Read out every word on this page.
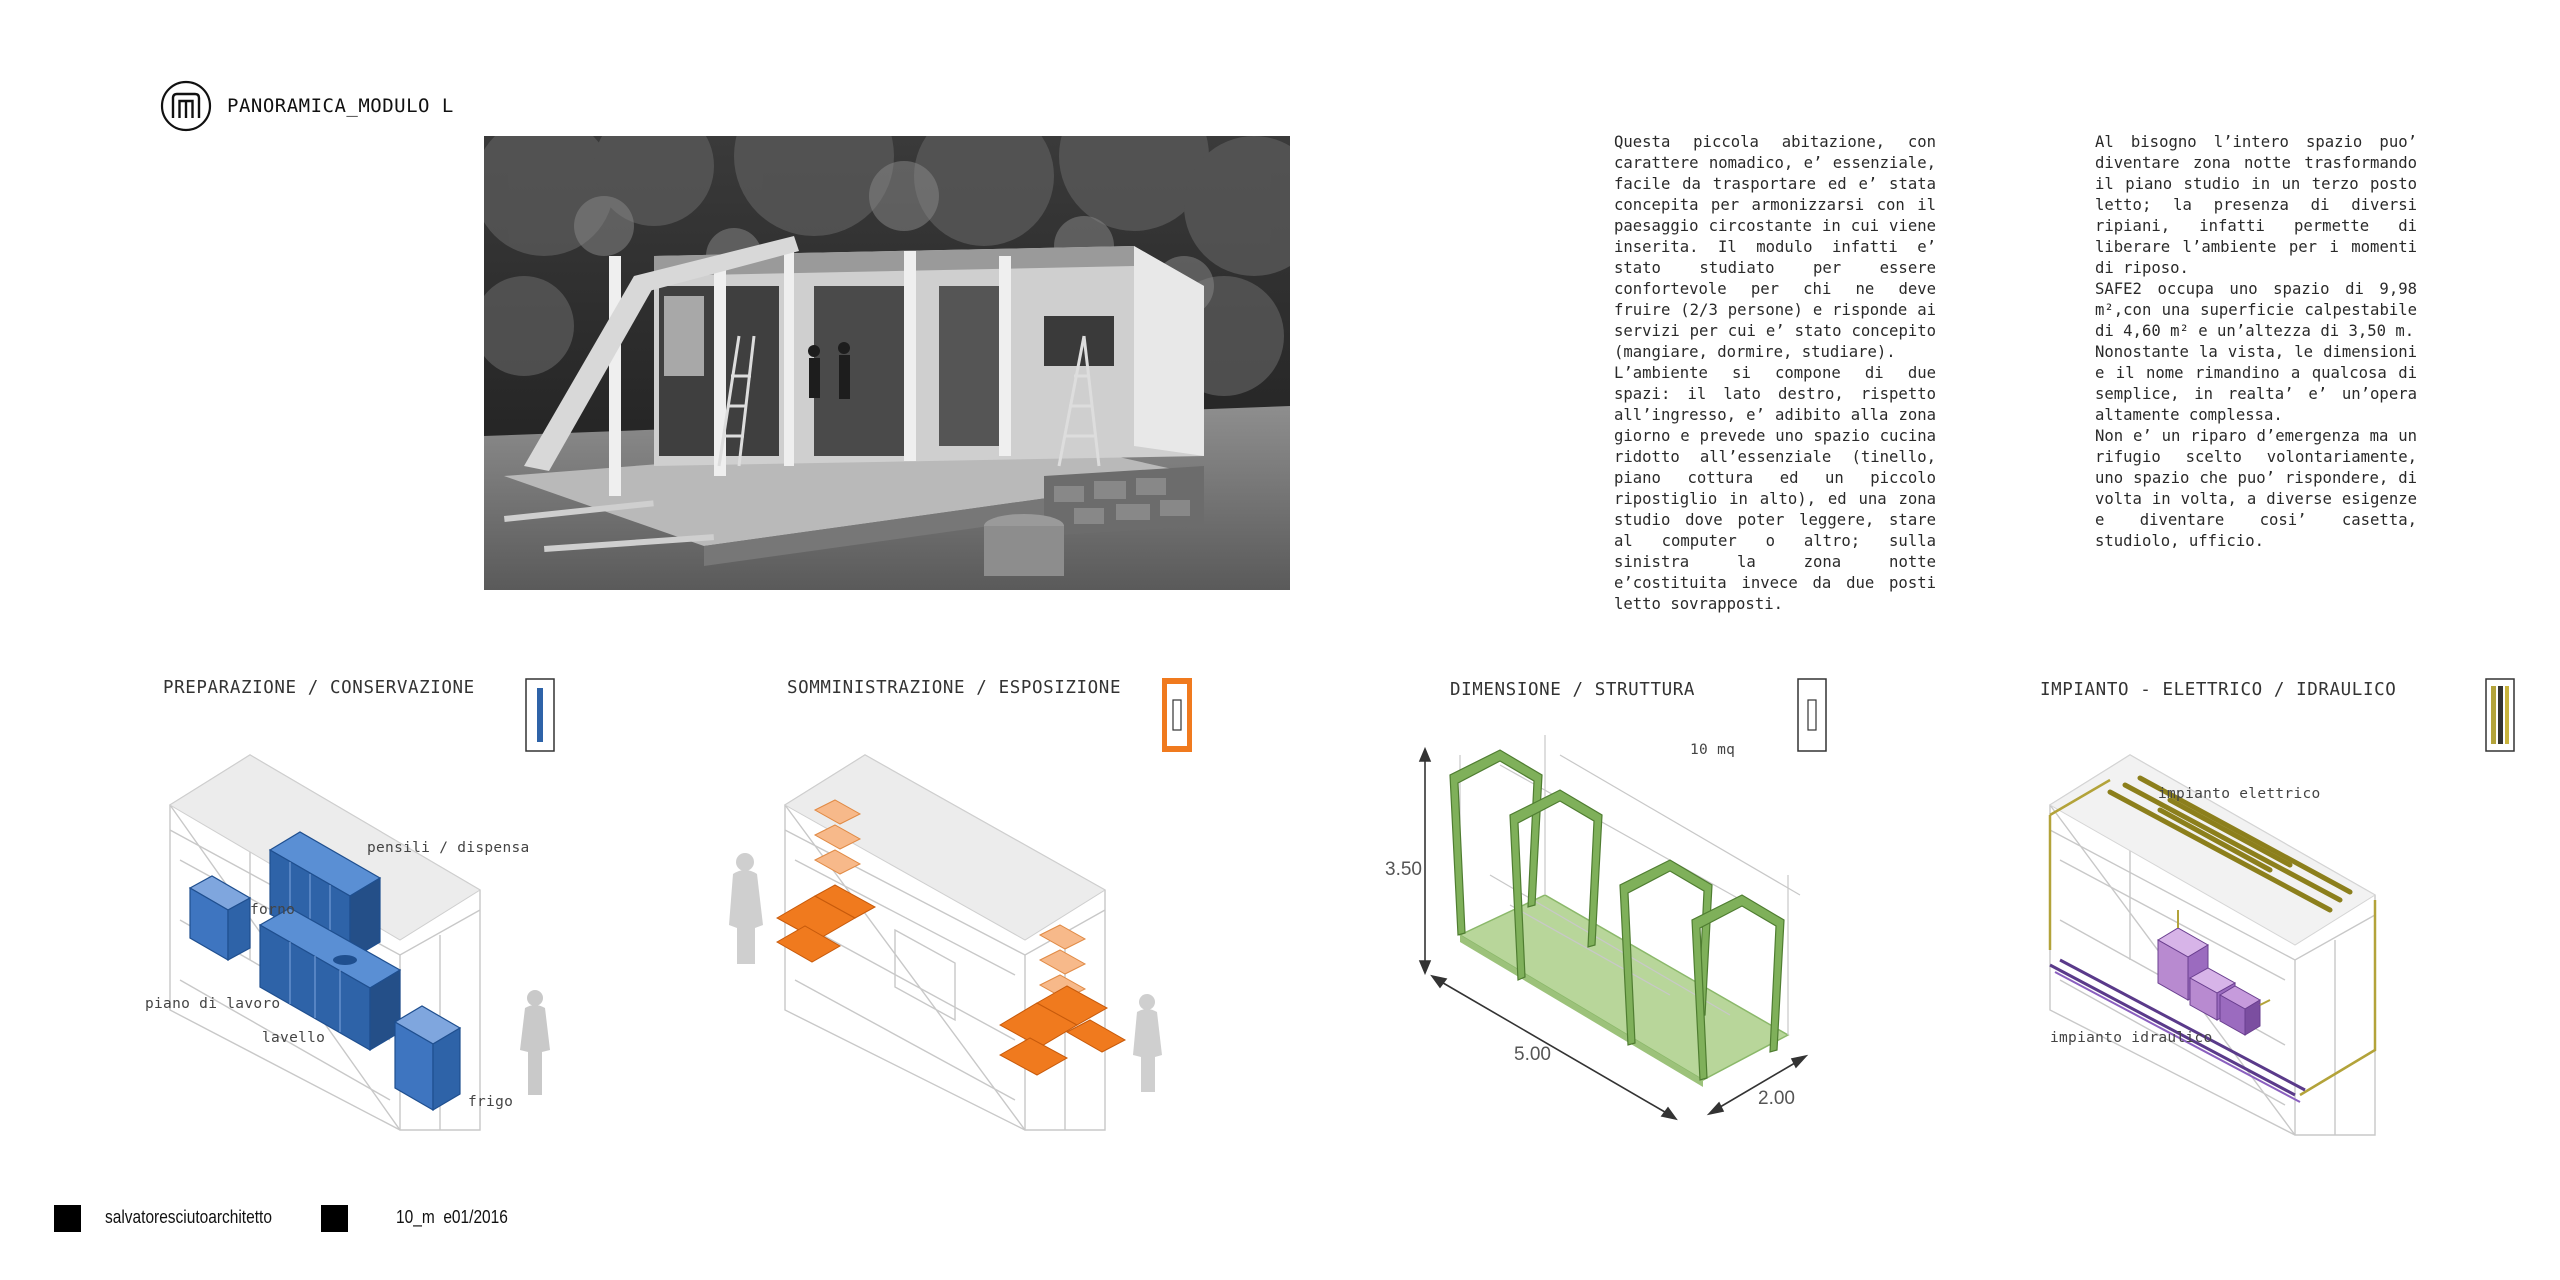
PANORAMICA_MODULO L
Questa piccola abitazione, con carattere nomadico, e’ essenziale, facile da trasportare ed e’ stata concepita per armonizzarsi con il paesaggio circostante in cui viene inserita. Il modulo infatti e’ stato studiato per essere confortevole per chi ne deve fruire (2/3 persone) e risponde ai servizi per cui e’ stato concepito (mangiare, dormire, studiare).
L’ambiente si compone di due spazi: il lato destro, rispetto all’ingresso, e’ adibito alla zona giorno e prevede uno spazio cucina ridotto all’essenziale (tinello, piano cottura ed un piccolo ripostiglio in alto), ed una zona studio dove poter leggere, stare al computer o altro; sulla sinistra la zona notte e’costituita invece da due posti letto sovrapposti.
Al bisogno l’intero spazio puo’ diventare zona notte trasformando il piano studio in un terzo posto letto; la presenza di diversi ripiani, infatti permette di liberare l’ambiente per i momenti di riposo.
SAFE2 occupa uno spazio di 9,98 m²,con una superficie calpestabile di 4,60 m² e un’altezza di 3,50 m.
Nonostante la vista, le dimensioni e il nome rimandino a qualcosa di semplice, in realta’ e’ un’opera altamente complessa.
Non e’ un riparo d’emergenza ma un rifugio scelto volontariamente, uno spazio che puo’ rispondere, di volta in volta, a diverse esigenze e diventare cosi’ casetta, studiolo, ufficio.
PREPARAZIONE / CONSERVAZIONE	SOMMINISTRAZIONE / ESPOSIZIONE	DIMENSIONE / STRUTTURA	IMPIANTO - ELETTRICO / IDRAULICO
pensili / dispensa
forno
piano di lavoro
lavello
frigo
10 mq
3.50
5.00
2.00
impianto elettrico
impianto idraulico
salvatoresciutoarchitetto	10_m  e01/2016
